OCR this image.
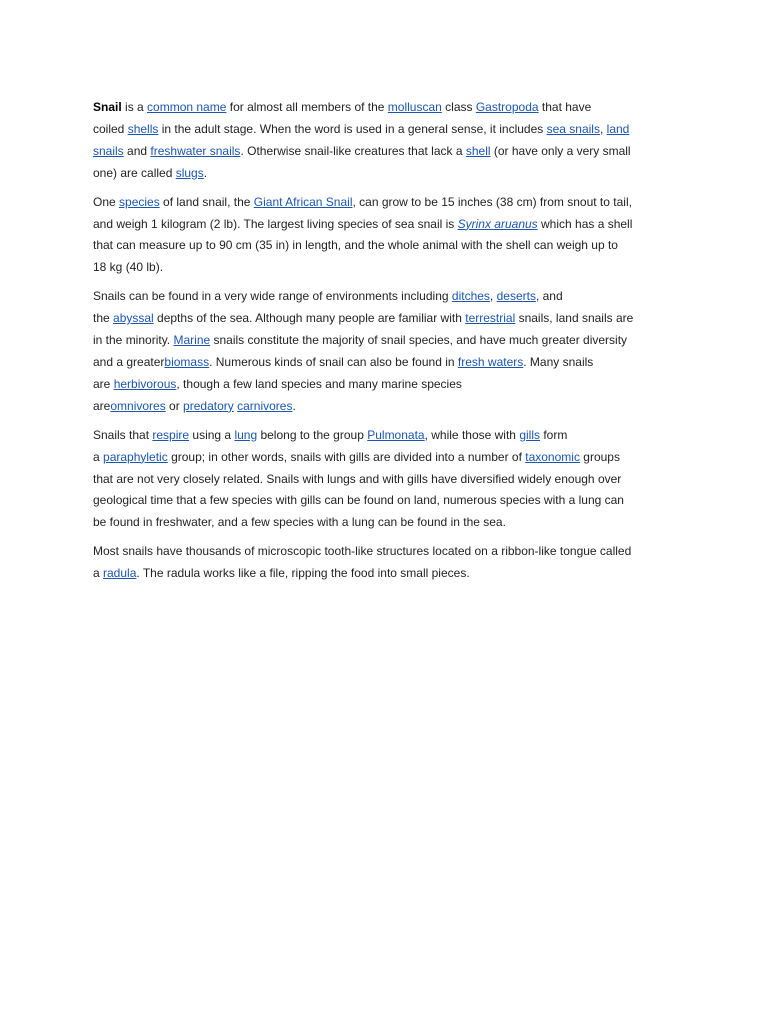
Snail is a common name for almost all members of the molluscan class Gastropoda that have
coiled shells in the adult stage. When the word is used in a general sense, it includes sea snails, land
snails and freshwater snails. Otherwise snail-like creatures that lack a shell (or have only a very small
one) are called slugs.

One species of land snail, the Giant African Snail, can grow to be 15 inches (38 cm) from snout to tail,
and weigh 1 kilogram (2 lb). The largest living species of sea snail is Syrinx aruanus which has a shell
that can measure up to 90 cm (35 in) in length, and the whole animal with the shell can weigh up to
18 kg (40 lb).

Snails can be found in a very wide range of environments including ditches, deserts, and
the abyssal depths of the sea. Although many people are familiar with terrestrial snails, land snails are
in the minority. Marine snails constitute the majority of snail species, and have much greater diversity
and a greaterbiomass. Numerous kinds of snail can also be found in fresh waters. Many snails
are herbivorous, though a few land species and many marine species
areomnivores or predatory carnivores.

Snails that respire using a lung belong to the group Pulmonata, while those with gills form
a paraphyletic group; in other words, snails with gills are divided into a number of taxonomic groups
that are not very closely related. Snails with lungs and with gills have diversified widely enough over
geological time that a few species with gills can be found on land, numerous species with a lung can
be found in freshwater, and a few species with a lung can be found in the sea.

Most snails have thousands of microscopic tooth-like structures located on a ribbon-like tongue called
a radula. The radula works like a file, ripping the food into small pieces.
